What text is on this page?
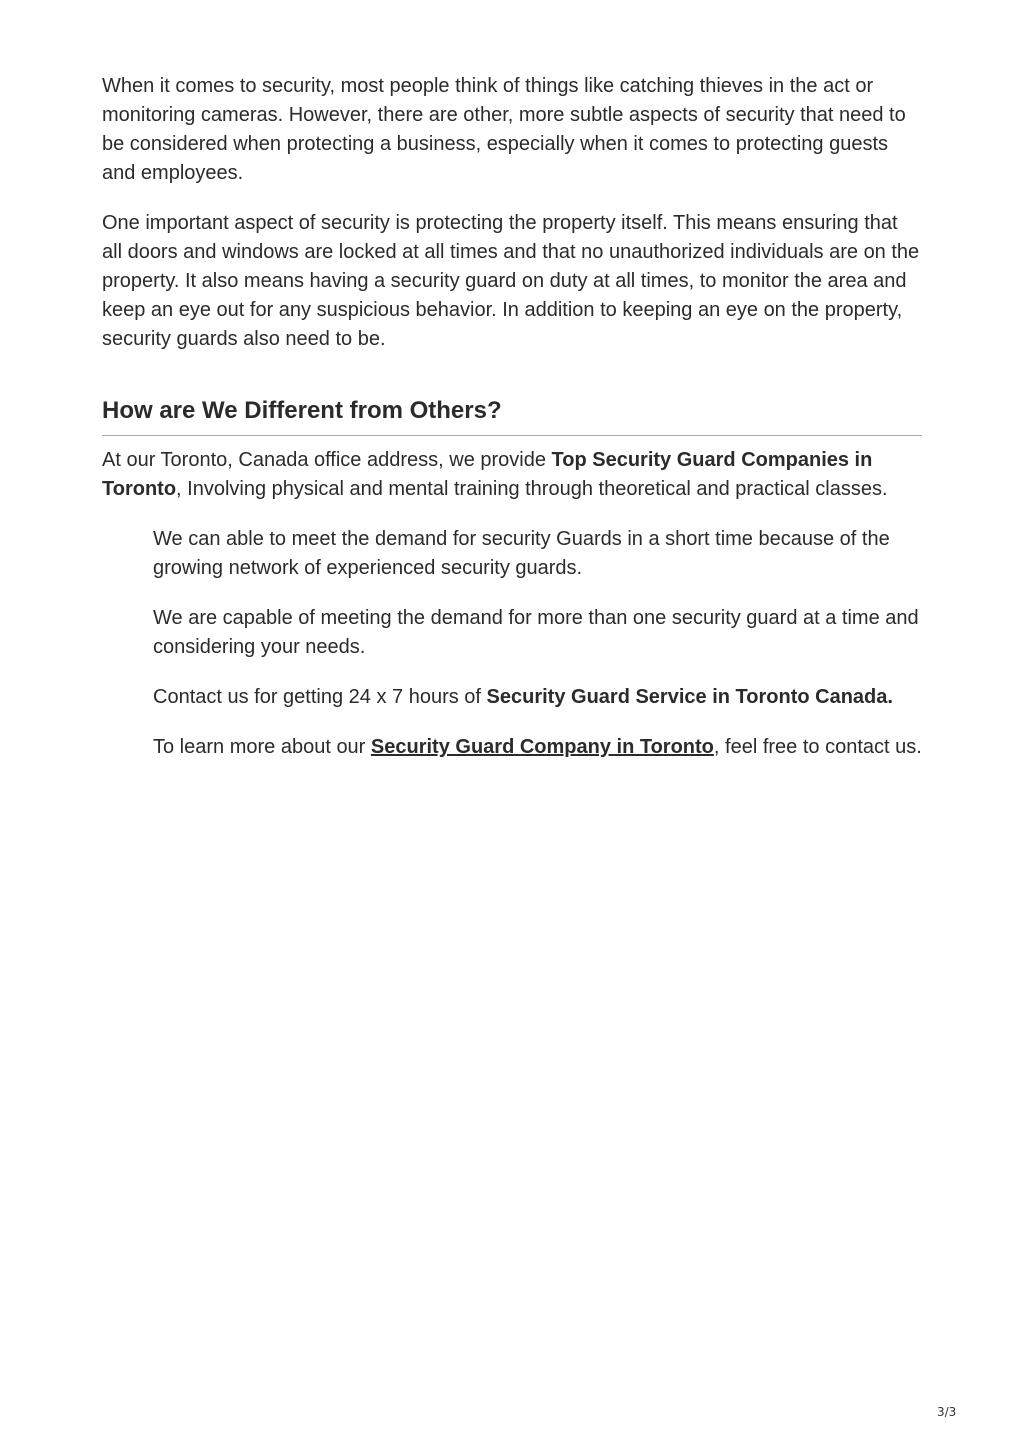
When it comes to security, most people think of things like catching thieves in the act or monitoring cameras. However, there are other, more subtle aspects of security that need to be considered when protecting a business, especially when it comes to protecting guests and employees.

One important aspect of security is protecting the property itself. This means ensuring that all doors and windows are locked at all times and that no unauthorized individuals are on the property. It also means having a security guard on duty at all times, to monitor the area and keep an eye out for any suspicious behavior. In addition to keeping an eye on the property, security guards also need to be.

How are We Different from Others?

At our Toronto, Canada office address, we provide Top Security Guard Companies in Toronto, Involving physical and mental training through theoretical and practical classes.

We can able to meet the demand for security Guards in a short time because of the growing network of experienced security guards.

We are capable of meeting the demand for more than one security guard at a time and considering your needs.

Contact us for getting 24 x 7 hours of Security Guard Service in Toronto Canada.

To learn more about our Security Guard Company in Toronto, feel free to contact us.

3/3
